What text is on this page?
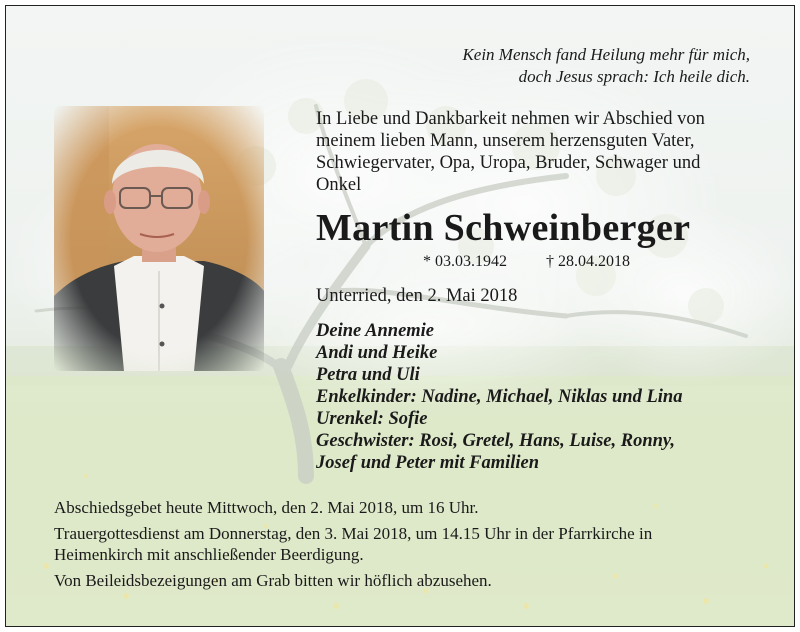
Kein Mensch fand Heilung mehr für mich,
doch Jesus sprach: Ich heile dich.
In Liebe und Dankbarkeit nehmen wir Abschied von
meinem lieben Mann, unserem herzensguten Vater,
Schwiegervater, Opa, Uropa, Bruder, Schwager und
Onkel
Martin Schweinberger
* 03.03.1942 † 28.04.2018
Unterried, den 2. Mai 2018
Deine Annemie
Andi und Heike
Petra und Uli
Enkelkinder: Nadine, Michael, Niklas und Lina
Urenkel: Sofie
Geschwister: Rosi, Gretel, Hans, Luise, Ronny,
Josef und Peter mit Familien
Abschiedsgebet heute Mittwoch, den 2. Mai 2018, um 16 Uhr.
Trauergottesdienst am Donnerstag, den 3. Mai 2018, um 14.15 Uhr in der Pfarrkirche in
Heimenkirch mit anschließender Beerdigung.
Von Beileidsbezeigungen am Grab bitten wir höflich abzusehen.
